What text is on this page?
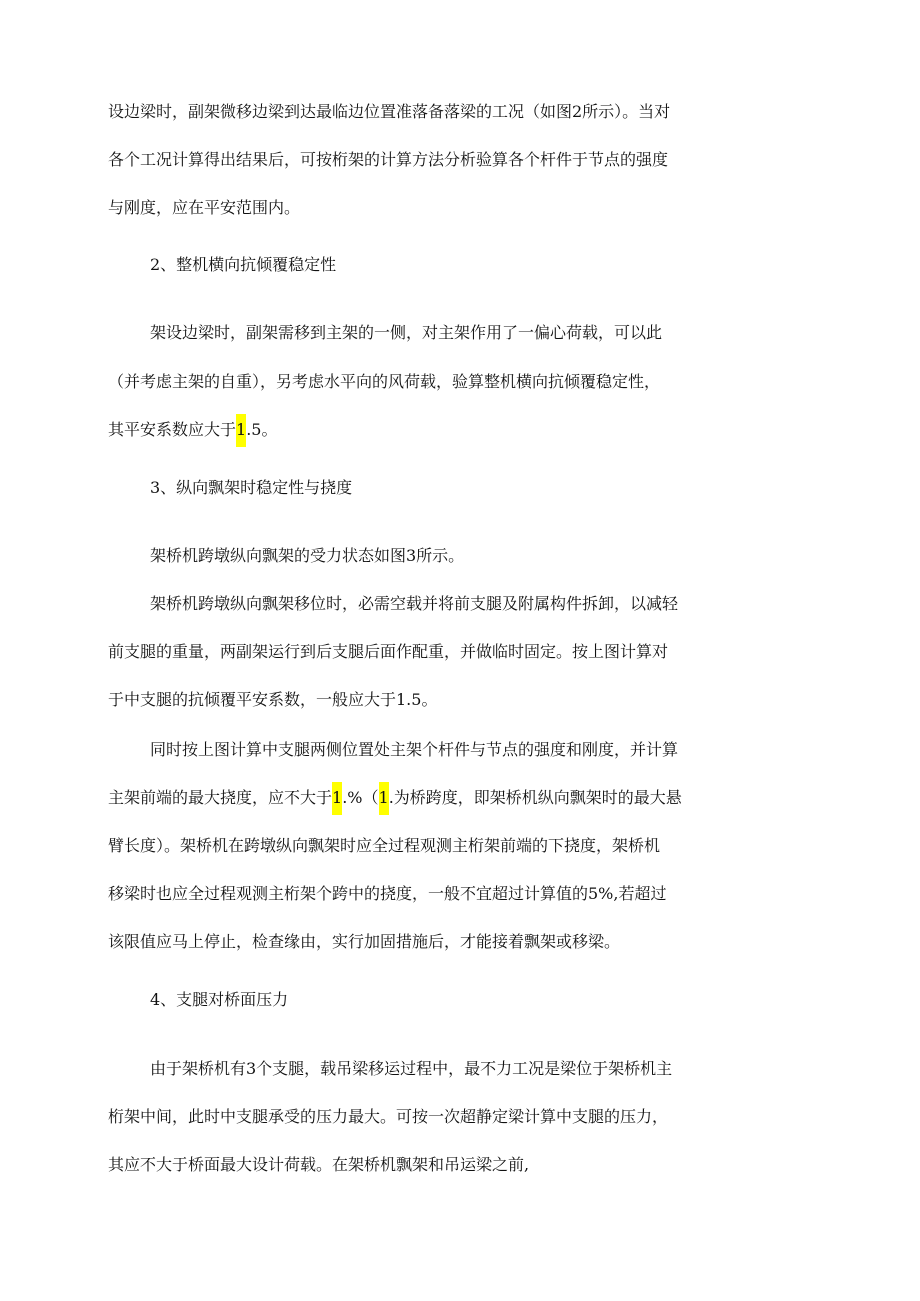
设边梁时，副架微移边梁到达最临边位置准落备落梁的工况（如图2所示）。当对
各个工况计算得出结果后，可按桁架的计算方法分析验算各个杆件于节点的强度
与刚度，应在平安范围内。
2、整机横向抗倾覆稳定性
架设边梁时，副架需移到主架的一侧，对主架作用了一偏心荷载，可以此
（并考虑主架的自重），另考虑水平向的风荷载，验算整机横向抗倾覆稳定性，
其平安系数应大于1.5。
3、纵向飘架时稳定性与挠度
架桥机跨墩纵向飘架的受力状态如图3所示。
架桥机跨墩纵向飘架移位时，必需空载并将前支腿及附属构件拆卸，以减轻
前支腿的重量，两副架运行到后支腿后面作配重，并做临时固定。按上图计算对
于中支腿的抗倾覆平安系数，一般应大于1.5。
同时按上图计算中支腿两侧位置处主架个杆件与节点的强度和刚度，并计算
主架前端的最大挠度，应不大于1.%（1.为桥跨度，即架桥机纵向飘架时的最大悬
臂长度）。架桥机在跨墩纵向飘架时应全过程观测主桁架前端的下挠度，架桥机
移梁时也应全过程观测主桁架个跨中的挠度，一般不宜超过计算值的5%,若超过
该限值应马上停止，检查缘由，实行加固措施后，才能接着飘架或移梁。
4、支腿对桥面压力
由于架桥机有3个支腿，载吊梁移运过程中，最不力工况是梁位于架桥机主
桁架中间，此时中支腿承受的压力最大。可按一次超静定梁计算中支腿的压力，
其应不大于桥面最大设计荷载。在架桥机飘架和吊运梁之前,
